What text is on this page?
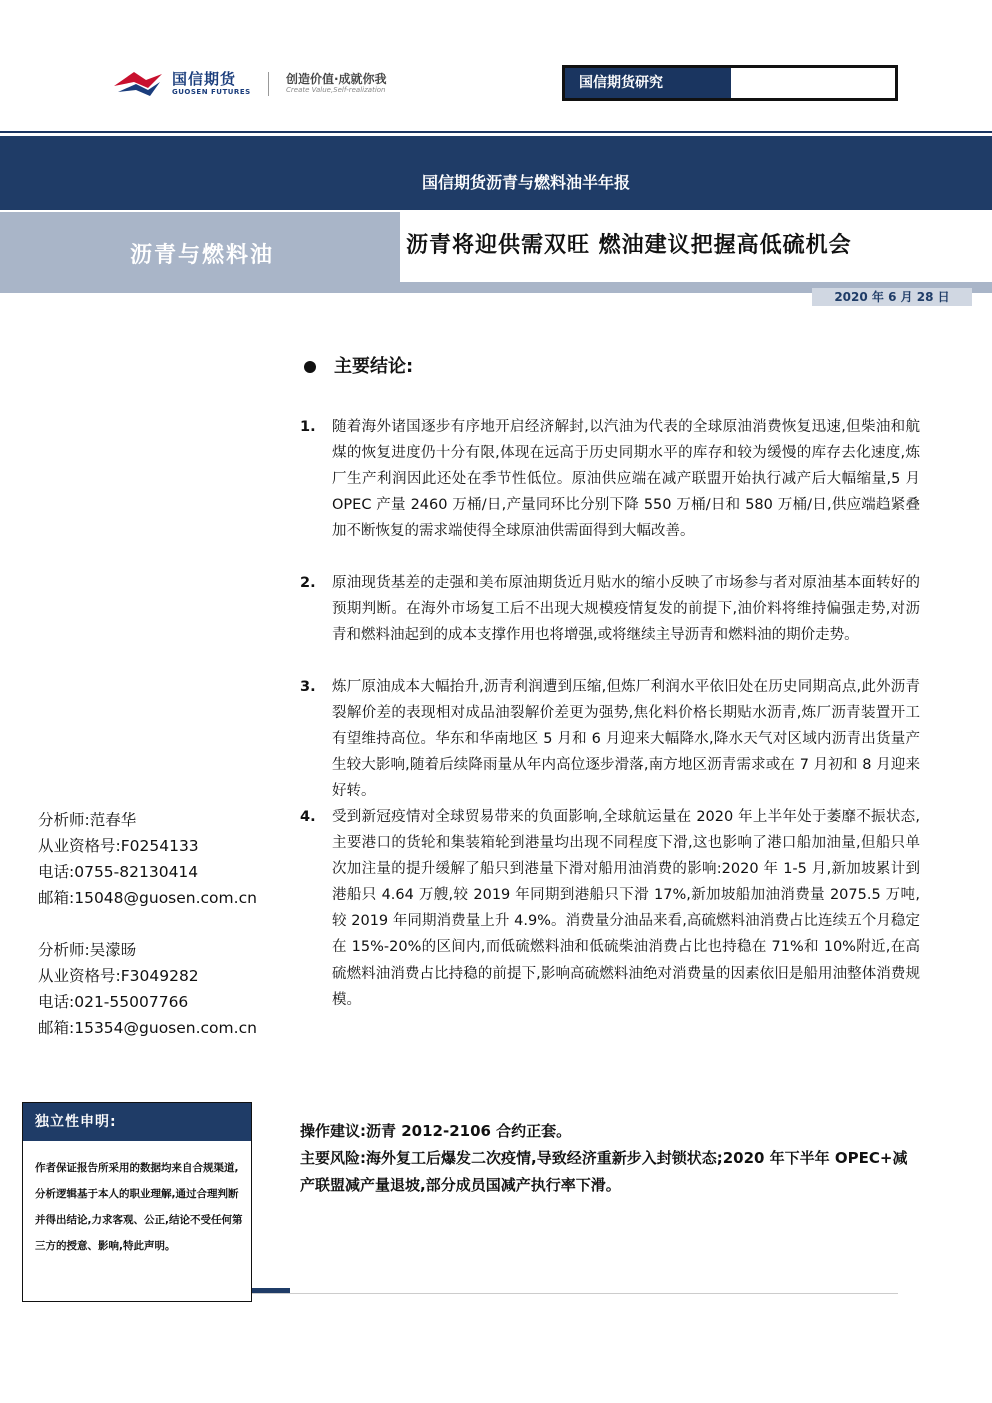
国信期货
GUOSEN FUTURES
创造价值·成就你我
Create Value,Self-realization	国信期货研究
国信期货沥青与燃料油半年报
沥青与燃料油	沥青将迎供需双旺 燃油建议把握高低硫机会
2020 年 6 月 28 日
主要结论:
1.	随着海外诸国逐步有序地开启经济解封,以汽油为代表的全球原油消费恢复迅速,但柴油和航煤的恢复进度仍十分有限,体现在远高于历史同期水平的库存和较为缓慢的库存去化速度,炼厂生产利润因此还处在季节性低位。原油供应端在减产联盟开始执行减产后大幅缩量,5 月 OPEC 产量 2460 万桶/日,产量同环比分别下降 550 万桶/日和 580 万桶/日,供应端趋紧叠加不断恢复的需求端使得全球原油供需面得到大幅改善。
2.	原油现货基差的走强和美布原油期货近月贴水的缩小反映了市场参与者对原油基本面转好的预期判断。在海外市场复工后不出现大规模疫情复发的前提下,油价料将维持偏强走势,对沥青和燃料油起到的成本支撑作用也将增强,或将继续主导沥青和燃料油的期价走势。
3.	炼厂原油成本大幅抬升,沥青利润遭到压缩,但炼厂利润水平依旧处在历史同期高点,此外沥青裂解价差的表现相对成品油裂解价差更为强势,焦化料价格长期贴水沥青,炼厂沥青装置开工有望维持高位。华东和华南地区 5 月和 6 月迎来大幅降水,降水天气对区域内沥青出货量产生较大影响,随着后续降雨量从年内高位逐步滑落,南方地区沥青需求或在 7 月初和 8 月迎来好转。
4.	受到新冠疫情对全球贸易带来的负面影响,全球航运量在 2020 年上半年处于萎靡不振状态,主要港口的货轮和集装箱轮到港量均出现不同程度下滑,这也影响了港口船加油量,但船只单次加注量的提升缓解了船只到港量下滑对船用油消费的影响:2020 年 1-5 月,新加坡累计到港船只 4.64 万艘,较 2019 年同期到港船只下滑 17%,新加坡船加油消费量 2075.5 万吨,较 2019 年同期消费量上升 4.9%。消费量分油品来看,高硫燃料油消费占比连续五个月稳定在 15%-20%的区间内,而低硫燃料油和低硫柴油消费占比也持稳在 71%和 10%附近,在高硫燃料油消费占比持稳的前提下,影响高硫燃料油绝对消费量的因素依旧是船用油整体消费规模。
分析师:范春华
从业资格号:F0254133
电话:0755-82130414
邮箱:15048@guosen.com.cn
分析师:吴濛旸
从业资格号:F3049282
电话:021-55007766
邮箱:15354@guosen.com.cn
独立性申明:
作者保证报告所采用的数据均来自合规渠道,分析逻辑基于本人的职业理解,通过合理判断 并得出结论,力求客观、公正,结论不受任何第三方的授意、影响,特此声明。
操作建议:沥青 2012-2106 合约正套。
主要风险:海外复工后爆发二次疫情,导致经济重新步入封锁状态;2020 年下半年 OPEC+减产联盟减产量退坡,部分成员国减产执行率下滑。
